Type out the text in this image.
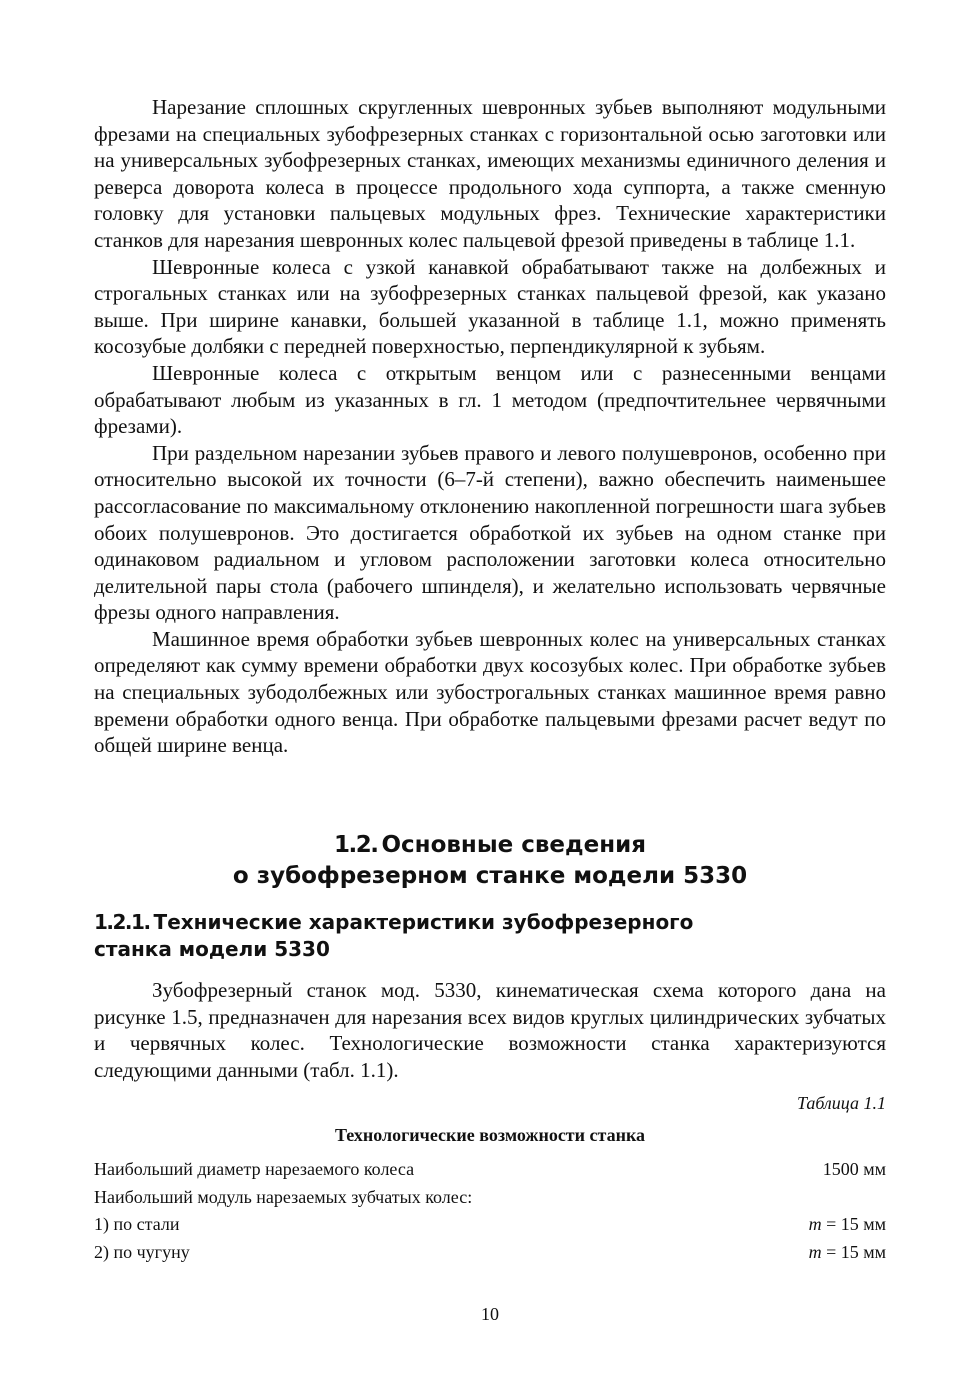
Нарезание сплошных скругленных шевронных зубьев выполняют модульными фрезами на специальных зубофрезерных станках с горизонтальной осью заготовки или на универсальных зубофрезерных станках, имеющих механизмы единичного деления и реверса доворота колеса в процессе продольного хода суппорта, а также сменную головку для установки пальцевых модульных фрез. Технические характеристики станков для нарезания шевронных колес пальцевой фрезой приведены в таблице 1.1.

Шевронные колеса с узкой канавкой обрабатывают также на долбежных и строгальных станках или на зубофрезерных станках пальцевой фрезой, как указано выше. При ширине канавки, большей указанной в таблице 1.1, можно применять косозубые долбяки с передней поверхностью, перпендикулярной к зубьям.

Шевронные колеса с открытым венцом или с разнесенными венцами обрабатывают любым из указанных в гл. 1 методом (предпочтительнее червячными фрезами).

При раздельном нарезании зубьев правого и левого полушевронов, особенно при относительно высокой их точности (6–7-й степени), важно обеспечить наименьшее рассогласование по максимальному отклонению накопленной погрешности шага зубьев обоих полушевронов. Это достигается обработкой их зубьев на одном станке при одинаковом радиальном и угловом расположении заготовки колеса относительно делительной пары стола (рабочего шпинделя), и желательно использовать червячные фрезы одного направления.

Машинное время обработки зубьев шевронных колес на универсальных станках определяют как сумму времени обработки двух косозубых колес. При обработке зубьев на специальных зубодолбежных или зубострогальных станках машинное время равно времени обработки одного венца. При обработке пальцевыми фрезами расчет ведут по общей ширине венца.

1.2. Основные сведения
о зубофрезерном станке модели 5330
1.2.1. Технические характеристики зубофрезерного
станка модели 5330

Зубофрезерный станок мод. 5330, кинематическая схема которого дана на рисунке 1.5, предназначен для нарезания всех видов круглых цилиндрических зубчатых и червячных колес. Технологические возможности станка характеризуются следующими данными (табл. 1.1).

Таблица 1.1
Технологические возможности станка
Наибольший диаметр нарезаемого колеса	1500 мм
Наибольший модуль нарезаемых зубчатых колес:
1) по стали	m = 15 мм
2) по чугуну	m = 15 мм
10
